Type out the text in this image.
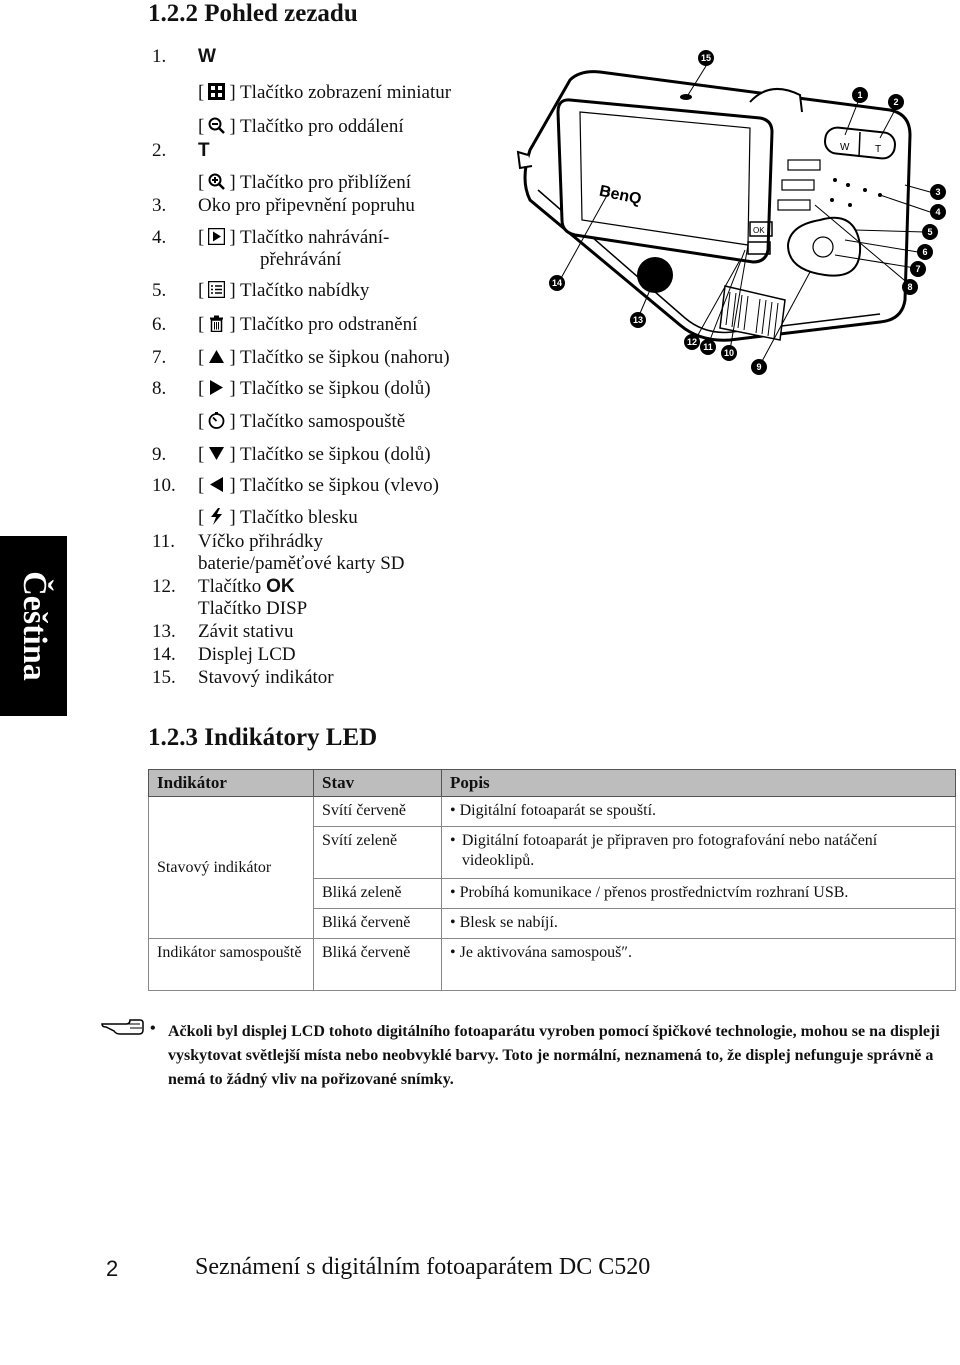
1.2.2 Pohled zezadu
1. W
[ ] Tlačítko zobrazení miniatur
[ ] Tlačítko pro oddálení
2. T
[ ] Tlačítko pro přiblížení
3. Oko pro připevnění popruhu
4. [ ] Tlačítko nahrávání-
přehrávání
5. [ ] Tlačítko nabídky
6. [ ] Tlačítko pro odstranění
7. [ ] Tlačítko se šipkou (nahoru)
8. [ ] Tlačítko se šipkou (dolů)
[ ] Tlačítko samospouště
9. [ ] Tlačítko se šipkou (dolů)
10. [ ] Tlačítko se šipkou (vlevo)
[ ] Tlačítko blesku
11. Víčko přihrádky
baterie/paměťové karty SD
12. Tlačítko OK
Tlačítko DISP
13. Závit stativu
14. Displej LCD
15. Stavový indikátor
BenQ
W	T
OK
15
1
2
3
4
5
6
7
8
9
10
11
12
13
14
Čeština
1.2.3 Indikátory LED
Indikátor	Stav	Popis
Stavový indikátor	Svítí červeně	• Digitální fotoaparát se spouští.
	Svítí zeleně	• Digitální fotoaparát je připraven pro fotografování nebo natáčení videoklipů.

	Bliká zeleně	• Probíhá komunikace / přenos prostřednictvím rozhraní USB.
	Bliká červeně	• Blesk se nabíjí.
Indikátor samospouště	Bliká červeně	• Je aktivována samospouš″.
• Ačkoli byl displej LCD tohoto digitálního fotoaparátu vyroben pomocí špičkové technologie, mohou se na displeji vyskytovat světlejší místa nebo neobvyklé barvy. Toto je normální, neznamená to, že displej nefunguje správně a nemá to žádný vliv na pořizované snímky.
2	Seznámení s digitálním fotoaparátem DC C520
